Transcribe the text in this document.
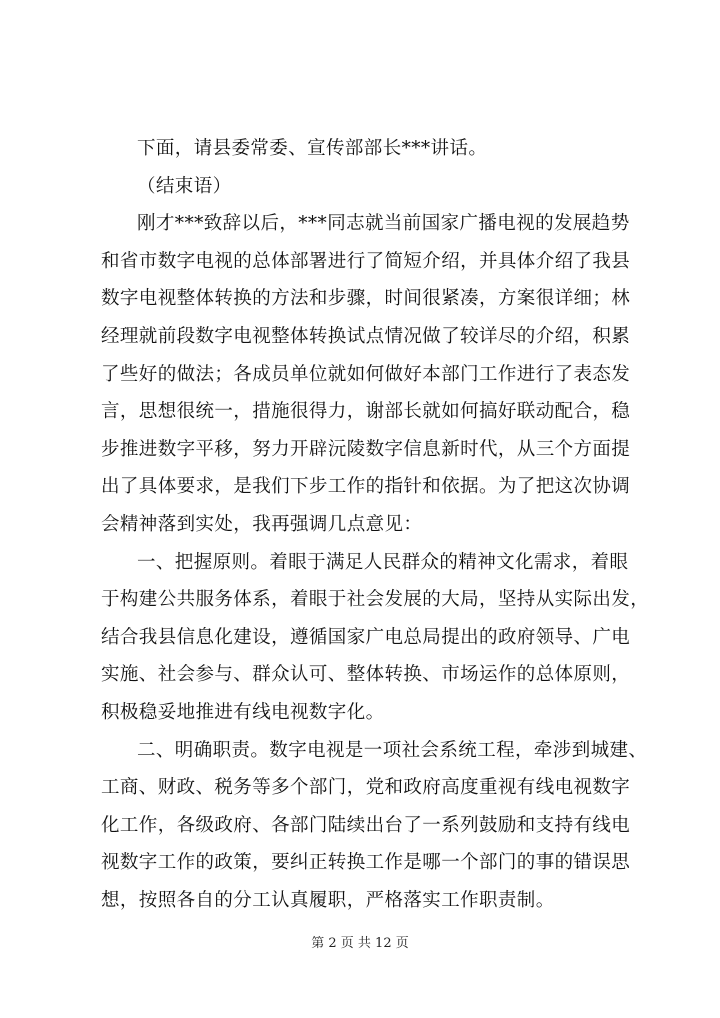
下面，请县委常委、宣传部部长***讲话。
（结束语）
刚才***致辞以后，***同志就当前国家广播电视的发展趋势
和省市数字电视的总体部署进行了简短介绍，并具体介绍了我县
数字电视整体转换的方法和步骤，时间很紧凑，方案很详细；林
经理就前段数字电视整体转换试点情况做了较详尽的介绍，积累
了些好的做法；各成员单位就如何做好本部门工作进行了表态发
言，思想很统一，措施很得力，谢部长就如何搞好联动配合，稳
步推进数字平移，努力开辟沅陵数字信息新时代，从三个方面提
出了具体要求，是我们下步工作的指针和依据。为了把这次协调
会精神落到实处，我再强调几点意见：
一、把握原则。着眼于满足人民群众的精神文化需求，着眼
于构建公共服务体系，着眼于社会发展的大局，坚持从实际出发，
结合我县信息化建设，遵循国家广电总局提出的政府领导、广电
实施、社会参与、群众认可、整体转换、市场运作的总体原则，
积极稳妥地推进有线电视数字化。
二、明确职责。数字电视是一项社会系统工程，牵涉到城建、
工商、财政、税务等多个部门，党和政府高度重视有线电视数字
化工作，各级政府、各部门陆续出台了一系列鼓励和支持有线电
视数字工作的政策，要纠正转换工作是哪一个部门的事的错误思
想，按照各自的分工认真履职，严格落实工作职责制。
第 2 页 共 12 页
